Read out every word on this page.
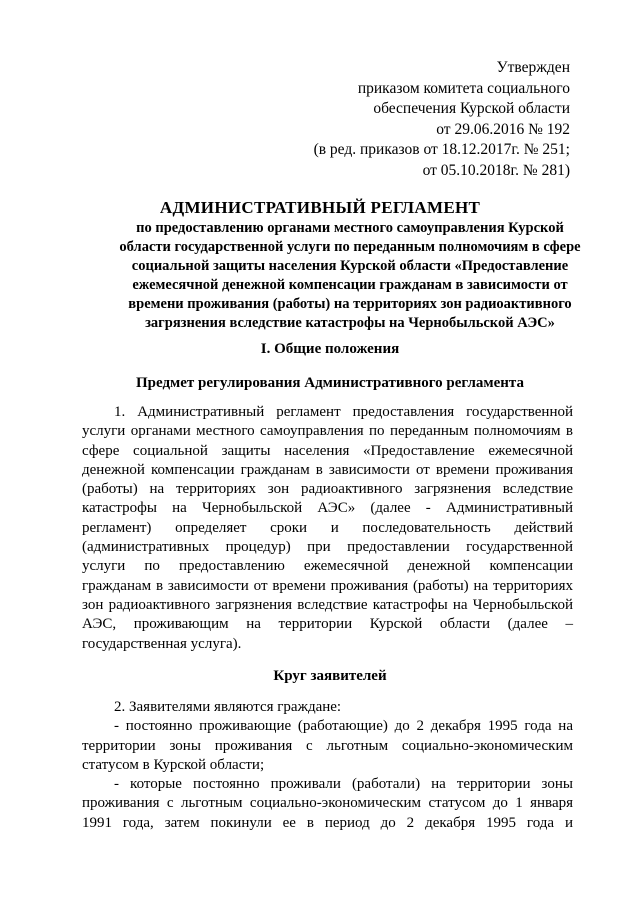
Утвержден
приказом комитета социального
обеспечения Курской области
от 29.06.2016 № 192
(в ред. приказов от 18.12.2017г. № 251;
от 05.10.2018г. № 281)
АДМИНИСТРАТИВНЫЙ РЕГЛАМЕНТ
по предоставлению органами местного самоуправления Курской
области государственной услуги по переданным полномочиям в сфере
социальной защиты населения Курской области «Предоставление
ежемесячной денежной компенсации гражданам в зависимости от
времени проживания (работы) на территориях зон радиоактивного
загрязнения вследствие катастрофы на Чернобыльской АЭС»
I. Общие положения
Предмет регулирования Административного регламента
1. Административный регламент предоставления государственной
услуги органами местного самоуправления по переданным полномочиям в
сфере социальной защиты населения «Предоставление ежемесячной
денежной компенсации гражданам в зависимости от времени проживания
(работы) на территориях зон радиоактивного загрязнения вследствие
катастрофы на Чернобыльской АЭС» (далее - Административный
регламент) определяет сроки и последовательность действий
(административных процедур) при предоставлении государственной
услуги по предоставлению ежемесячной денежной компенсации
гражданам в зависимости от времени проживания (работы) на территориях
зон радиоактивного загрязнения вследствие катастрофы на Чернобыльской
АЭС, проживающим на территории Курской области (далее –
государственная услуга).
Круг заявителей
2. Заявителями являются граждане:
- постоянно проживающие (работающие) до 2 декабря 1995 года на
территории зоны проживания с льготным социально-экономическим
статусом в Курской области;
- которые постоянно проживали (работали) на территории зоны
проживания с льготным социально-экономическим статусом до 1 января
1991 года, затем покинули ее в период до 2 декабря 1995 года и
